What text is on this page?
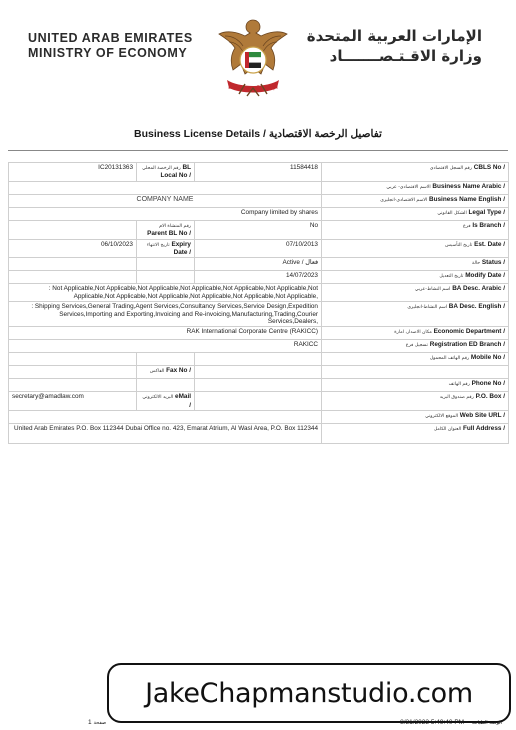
UNITED ARAB EMIRATES
MINISTRY OF ECONOMY
الإمارات العربية المتحدة
الإمارات العربية المتحدة
وزارة الاقـتـصـــــــاد
Business License Details / تفاصيل الرخصة الاقتصادية
IC20131363	رقم الرخصة المحلي BL Local No /	11584418	رقم السجل الاقتصادي CBLS No /
			الاسم الاقتصادي- عربي Business Name Arabic /
COMPANY NAME			الاسم الاقتصادي-انجليزي Business Name English /
Company limited by shares			الشكل القانوني Legal Type /
	رقم المنشاة الام Parent BL No /	No	فرع Is Branch /
06/10/2023	تاريخ الانتهاء Expiry Date /	07/10/2013	تاريخ التأسيس Est. Date /
		Active / فعال	حالة Status /
		14/07/2023	تاريخ التعديل Modify Date /
: Not Applicable,Not Applicable,Not Applicable,Not Applicable,Not Applicable,Not Applicable,Not Applicable,Not Applicable,Not Applicable,Not Applicable,Not Applicable,Not Applicable,			اسم النشاط-عربي BA Desc. Arabic /
: Shipping Services,General Trading,Agent Services,Consultancy Services,Service Design,Expedition Services,Importing and Exporting,Invoicing and Re-invoicing,Manufacturing,Trading,Courier Services,Dealers,			اسم النشاط-انجليزي BA Desc. English /
RAK International Corporate Centre (RAKICC)			مكان الاصدار، امارة Economic Department /
RAKICC			تسجيل فرع Registration ED Branch /
			رقم الهاتف المحمول Mobile No /
	الفاكس Fax No /		
			رقم الهاتف Phone No /
secretary@amadlaw.com	البريد الالكتروني eMail /		رقم صندوق البريد P.O. Box /
			الموقع الالكتروني Web Site URL /
United Arab Emirates P.O. Box 112344 Dubai Office no. 423, Emarat Atrium, Al Wasl Area, P.O. Box 112344			العنوان الكامل Full Address /
JakeChapmanstudio.com
1 صفحة	8/31/2023 5:49:40 PM الوقت الطباعة
